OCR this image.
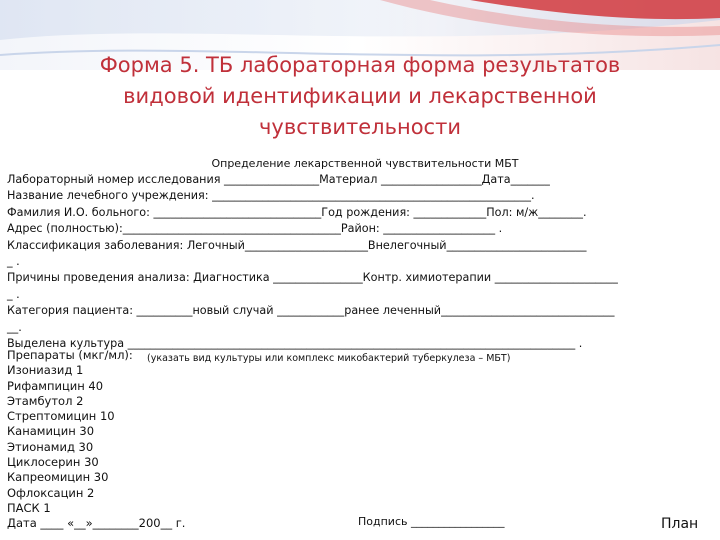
Форма 5. ТБ лабораторная форма результатов
видовой идентификации и лекарственной
чувствительности
Определение лекарственной чувствительности МБТ
Лабораторный номер исследования _________________Материал __________________Дата_______
Название лечебного учреждения: _________________________________________________________.
Фамилия И.О. больного: ______________________________Год рождения: _____________Пол: м/ж________.
Адрес (полностью):_______________________________________Район: ____________________ .
Классификация заболевания: Легочный______________________Внелегочный_________________________
_ .
Причины проведения анализа: Диагностика ________________Контр. химиотерапии ______________________
_ .
Категория пациента: __________новый случай ____________ранее леченный_______________________________
__.
Выделена культура ________________________________________________________________________________ .
(указать вид культуры или комплекс микобактерий туберкулеза – МБТ)
Препараты (мкг/мл):
Изониазид 1
Рифампицин 40
Этамбутол 2
Стрептомицин 10
Канамицин 30
Этионамид 30
Циклосерин 30
Капреомицин 30
Офлоксацин 2
ПАСК 1
Дата ____ «__»________200__ г.	Подпись _________________	План
